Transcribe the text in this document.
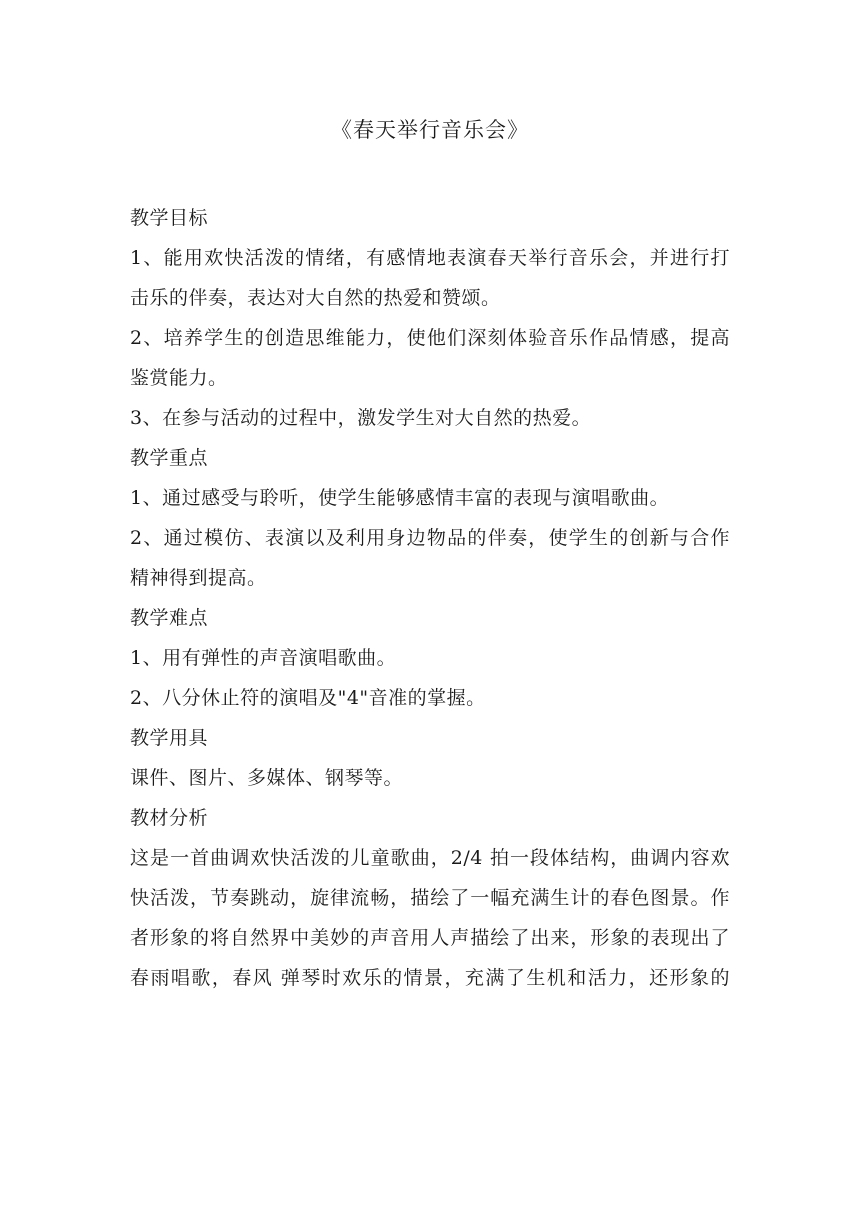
《春天举行音乐会》
教学目标
1、能用欢快活泼的情绪，有感情地表演春天举行音乐会，并进行打
击乐的伴奏，表达对大自然的热爱和赞颂。
2、培养学生的创造思维能力，使他们深刻体验音乐作品情感，提高
鉴赏能力。
3、在参与活动的过程中，激发学生对大自然的热爱。
教学重点
1、通过感受与聆听，使学生能够感情丰富的表现与演唱歌曲。
2、通过模仿、表演以及利用身边物品的伴奏，使学生的创新与合作
精神得到提高。
教学难点
1、用有弹性的声音演唱歌曲。
2、八分休止符的演唱及"4"音准的掌握。
教学用具
课件、图片、多媒体、钢琴等。
教材分析
这是一首曲调欢快活泼的儿童歌曲，2/4 拍一段体结构，曲调内容欢
快活泼，节奏跳动，旋律流畅，描绘了一幅充满生计的春色图景。作
者形象的将自然界中美妙的声音用人声描绘了出来，形象的表现出了
春雨唱歌，春风 弹琴时欢乐的情景，充满了生机和活力，还形象的
